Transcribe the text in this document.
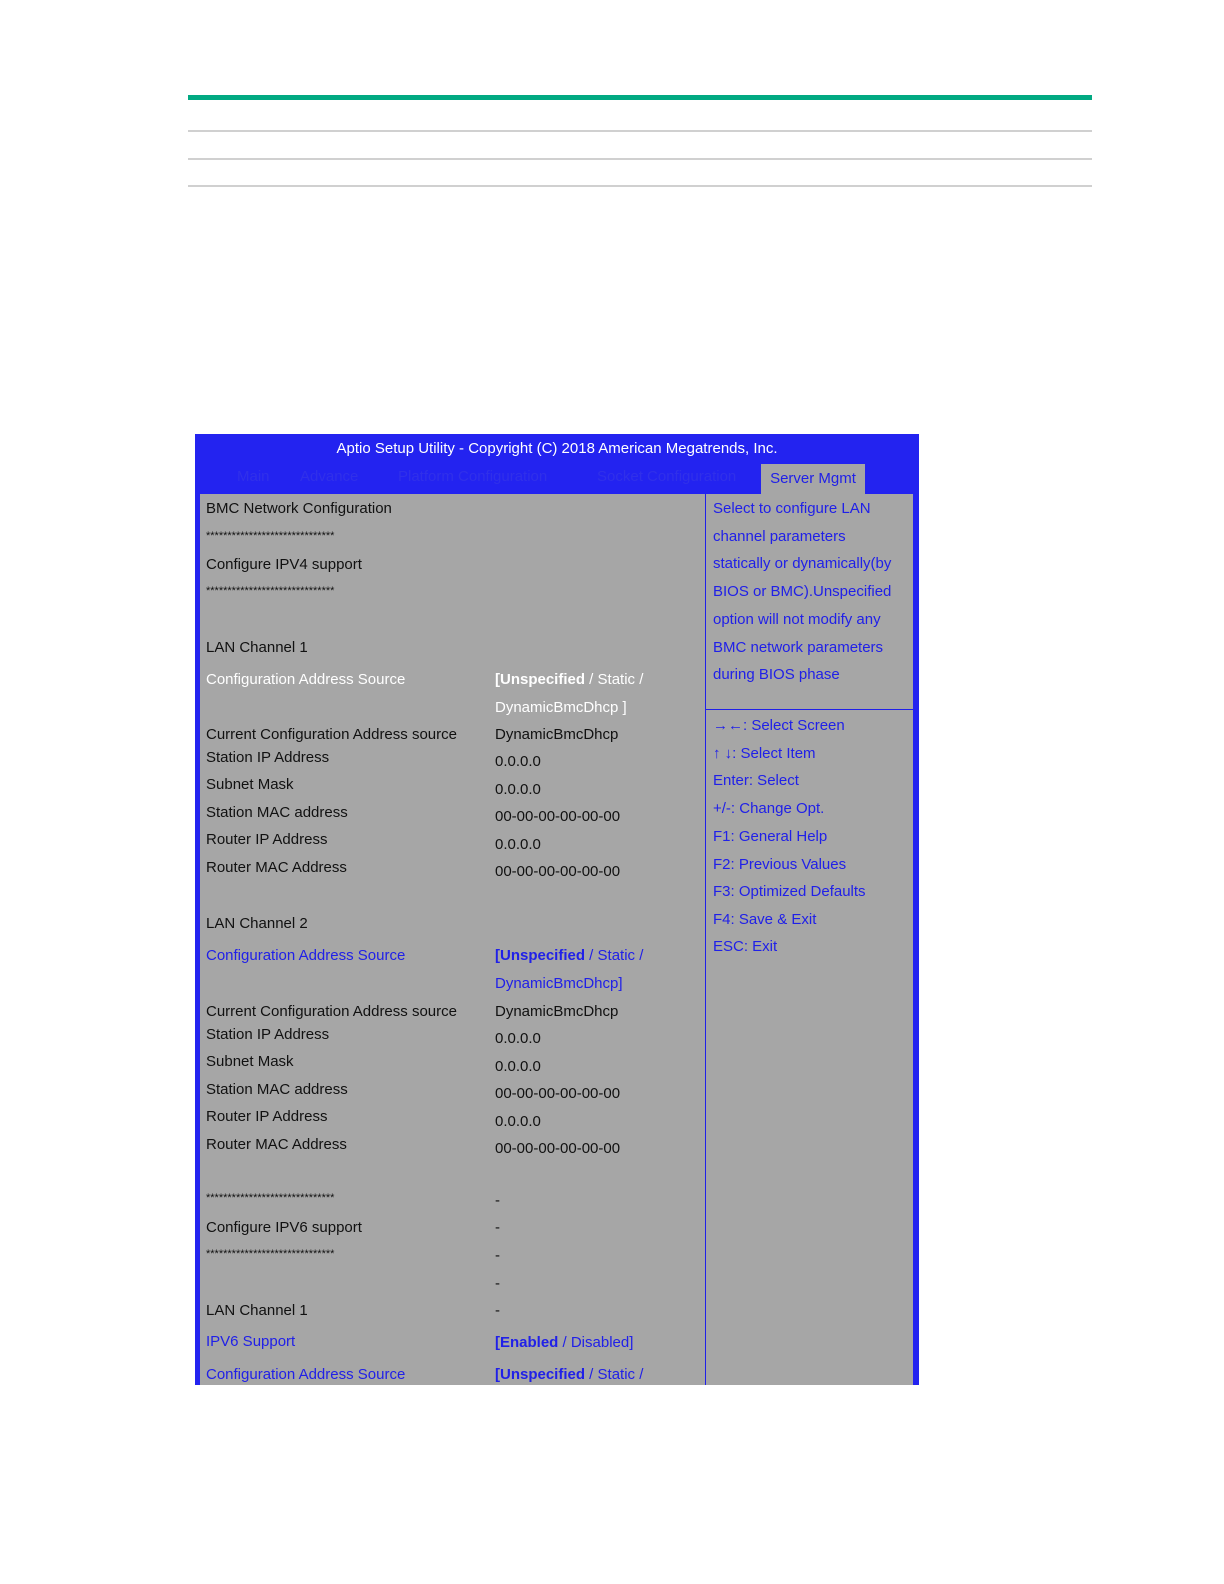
Aptio Setup Utility - Copyright (C) 2018 American Megatrends, Inc.
Main Advance	Platform Configuration	Socket Configuration	Server Mgmt
BMC Network Configuration
******************************
Configure IPV4 support
******************************
LAN Channel 1
Configuration Address Source	[Unspecified / Static /
DynamicBmcDhcp ]
Current Configuration Address source	DynamicBmcDhcp
Station IP Address	0.0.0.0
Subnet Mask	0.0.0.0
Station MAC address	00-00-00-00-00-00
Router IP Address	0.0.0.0
Router MAC Address	00-00-00-00-00-00
LAN Channel 2
Configuration Address Source	[Unspecified / Static /
DynamicBmcDhcp]
Current Configuration Address source	DynamicBmcDhcp
Station IP Address	0.0.0.0
Subnet Mask	0.0.0.0
Station MAC address	00-00-00-00-00-00
Router IP Address	0.0.0.0
Router MAC Address	00-00-00-00-00-00
******************************	-
Configure IPV6 support	-
******************************	-
-
LAN Channel 1	-
IPV6 Support	[Enabled / Disabled]
Configuration Address Source	[Unspecified / Static /
Select to configure LAN
channel parameters
statically or dynamically(by
BIOS or BMC).Unspecified
option will not modify any
BMC network parameters
during BIOS phase
→←: Select Screen
↑ ↓: Select Item
Enter: Select
+/-: Change Opt.
F1: General Help
F2: Previous Values
F3: Optimized Defaults
F4: Save & Exit
ESC: Exit
